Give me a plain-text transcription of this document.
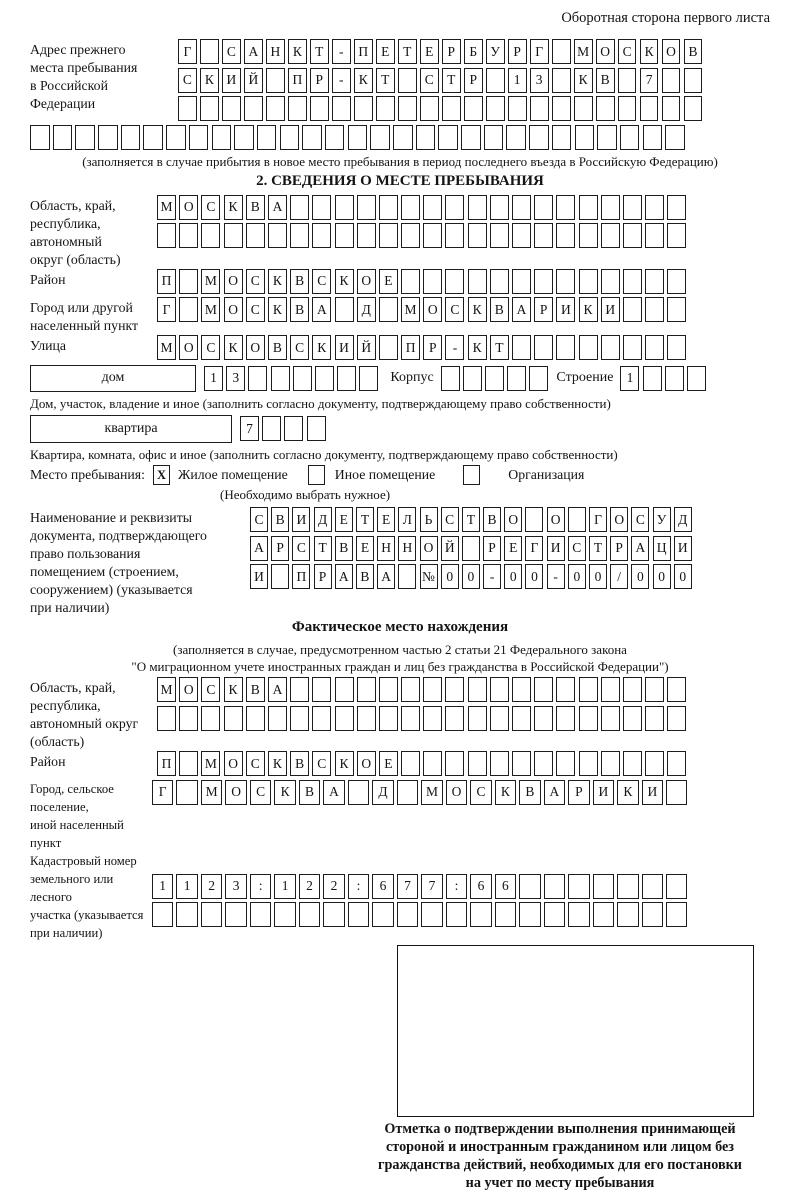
Оборотная сторона первого листа
Адрес прежнего
места пребывания
в Российской
Федерации
Г	С А Н К Т	-	П Е	Т	Е	Р	Б У Р	Г	М О С К О В
С К И Й	П Р	-	К Т	С Т	Р	1	3	К В	7
(заполняется в случае прибытия в новое место пребывания в период последнего въезда в Российскую Федерацию)
2. СВЕДЕНИЯ О МЕСТЕ ПРЕБЫВАНИЯ
Область, край,
республика,
автономный
округ (область)
М О С К В А
Район	П	М О С К В С К О Е
Город или другой
населенный пункт
Г	М О С К В А	Д	М О С К В А	Р	И К И
Улица	М О С К О В С К И Й	П	Р	-	К	Т
дом	1	3	Корпус	Строение 1
Дом, участок, владение и иное (заполнить согласно документу, подтверждающему право собственности)
квартира	7
Квартира, комната, офис и иное (заполнить согласно документу, подтверждающему право собственности)
Место пребывания: X Жилое помещение	Иное помещение	Организация
(Необходимо выбрать нужное)
Наименование и реквизиты
документа, подтверждающего
право пользования
помещением (строением,
сооружением) (указывается
при наличии)
С В И Д Е Т Е Л Ь С Т В О	О	Г О С У Д
А Р С Т В Е Н Н О Й	Р Е Г И С Т Р А Ц И
И	П Р А В А	№ 0	0	-	0	0	-	0	0	/	0	0	0
Фактическое место нахождения
(заполняется в случае, предусмотренном частью 2 статьи 21 Федерального закона
"О миграционном учете иностранных граждан и лиц без гражданства в Российской Федерации")
Область, край,
республика,
автономный округ
(область)
М О С К В А
Район	П	М О С К В С К О Е
Город, сельское поселение,
иной населенный пункт
Г	М	О	С	К	В	А	Д	М	О	С	К	В	А	Р	И	К	И
Кадастровый номер
земельного или лесного
участка (указывается
при наличии)
1	1	2	3	:	1	2	2	:	6	7	7	:	6	6
Отметка о подтверждении выполнения принимающей
стороной и иностранным гражданином или лицом без
гражданства действий, необходимых для его постановки
на учет по месту пребывания
